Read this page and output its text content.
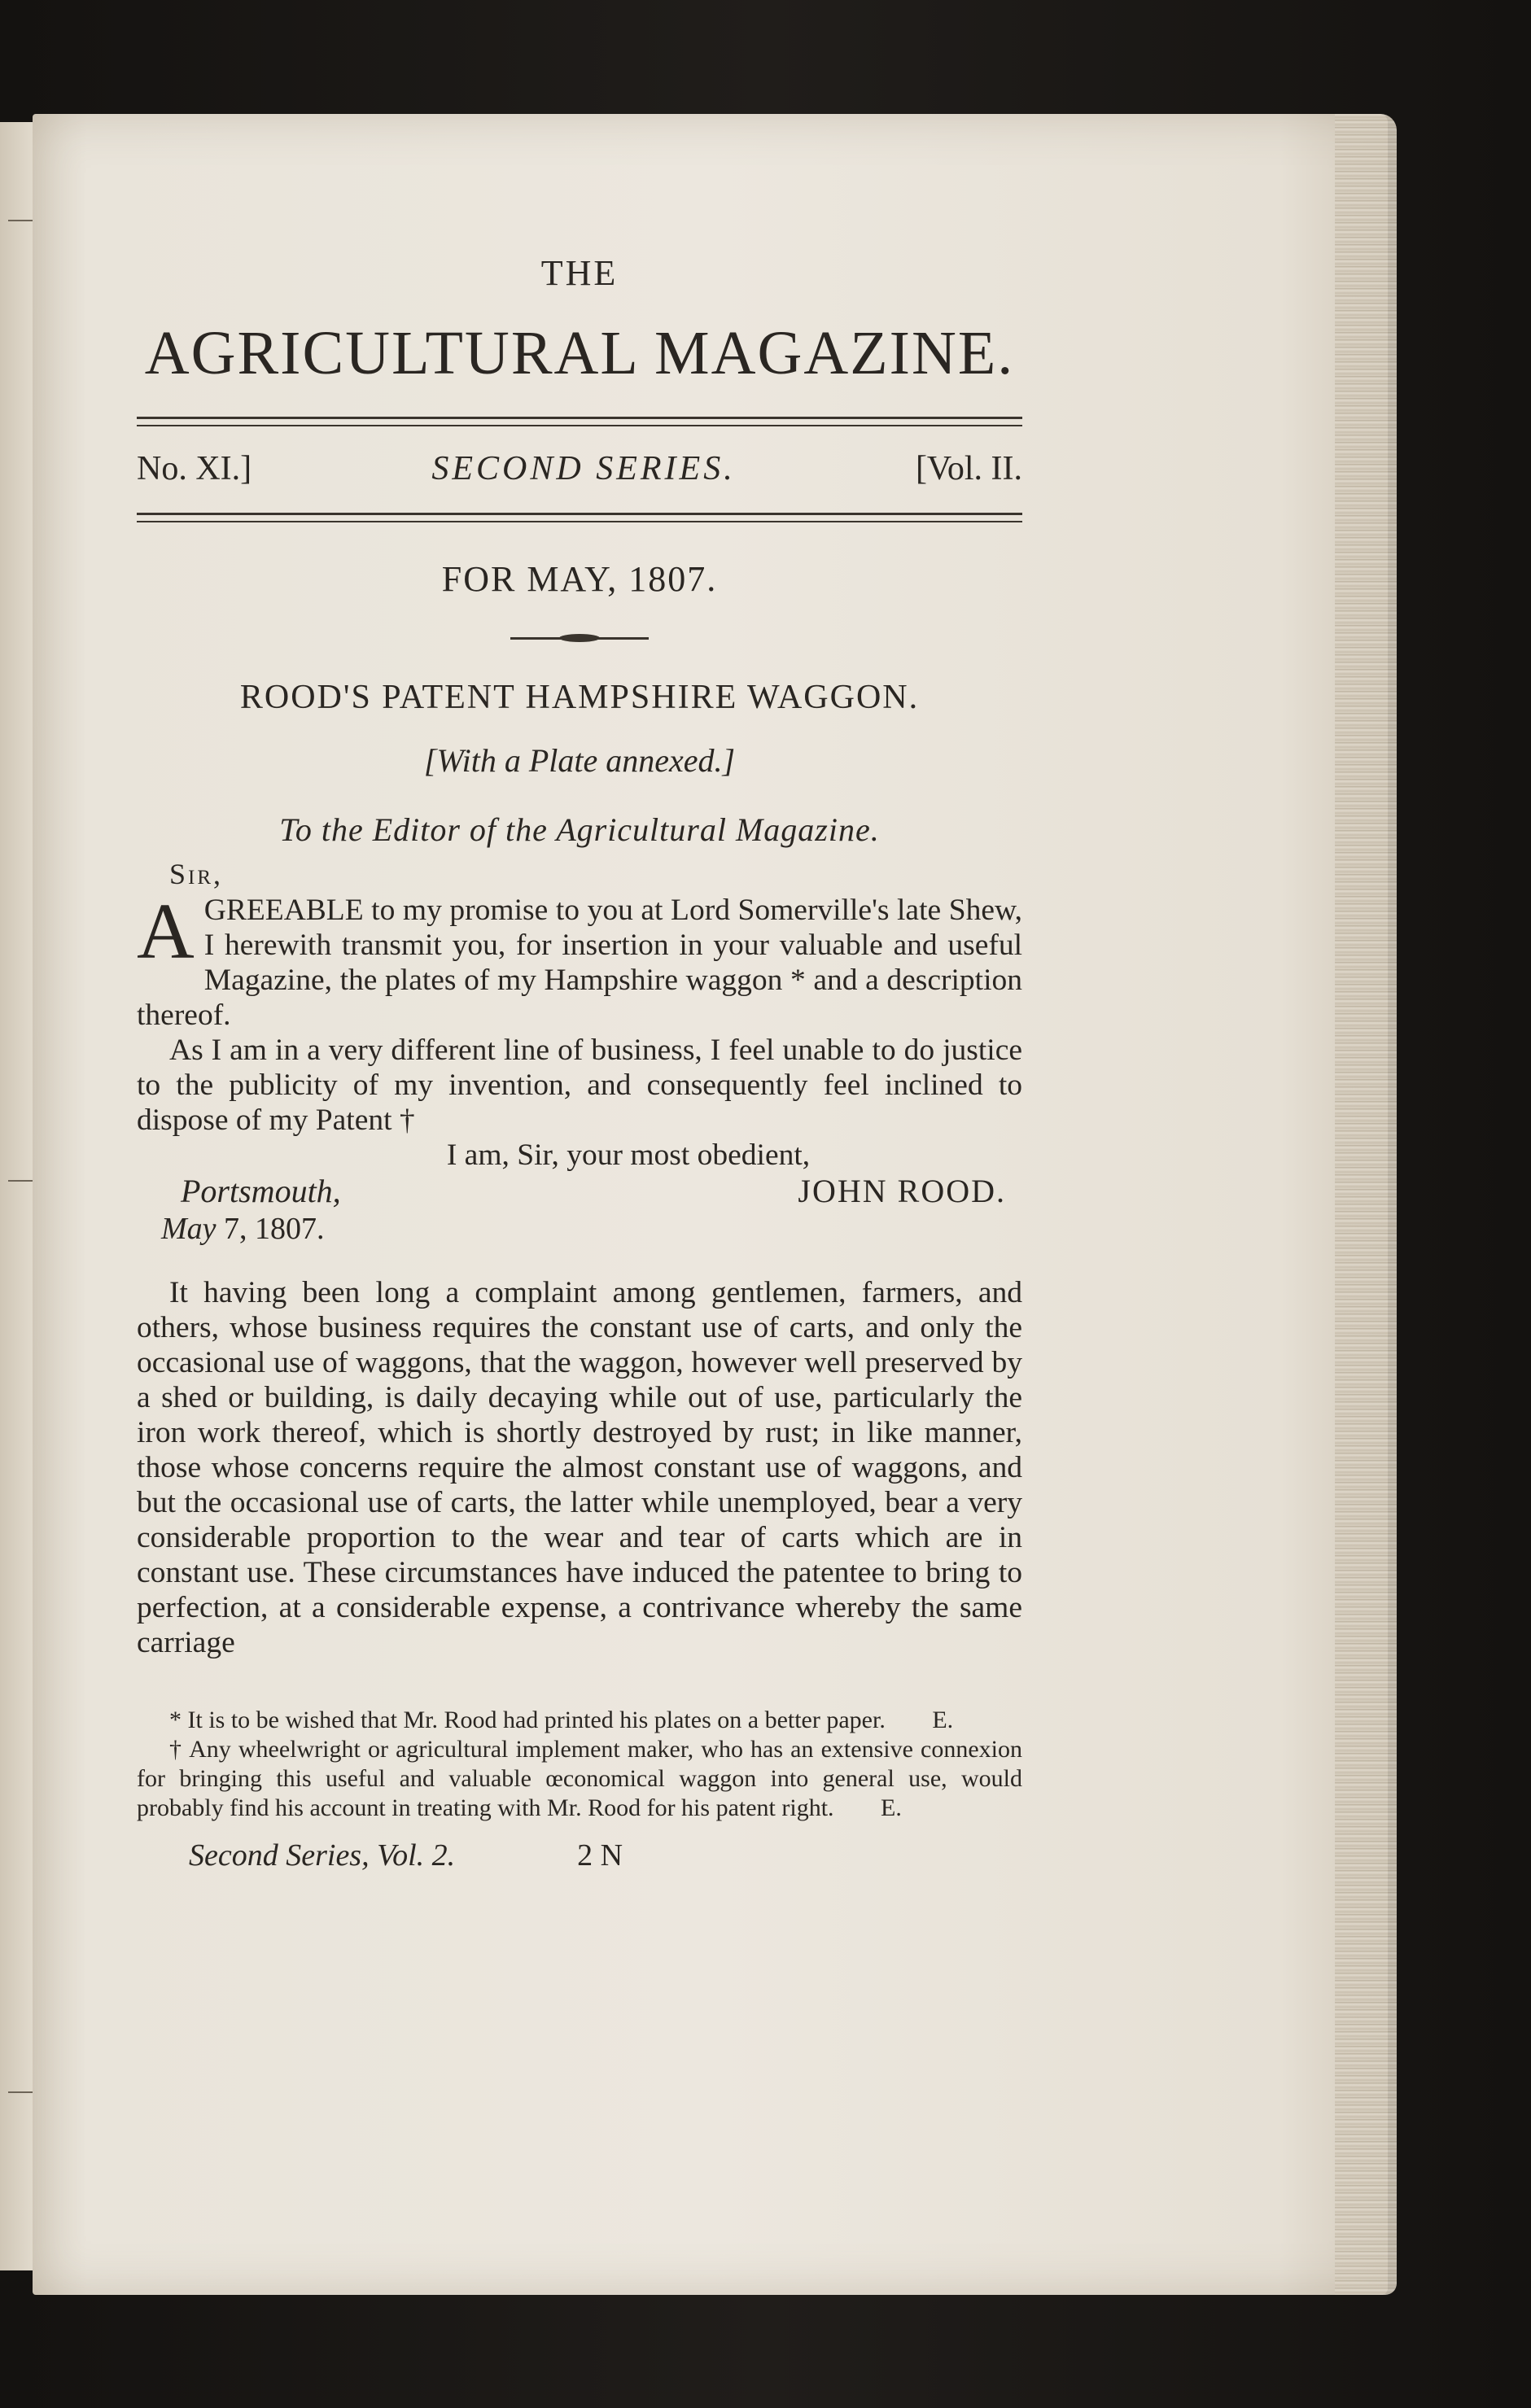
THE

AGRICULTURAL MAGAZINE.
No. XI.]	SECOND SERIES.	[Vol. II.
FOR MAY, 1807.
ROOD'S PATENT HAMPSHIRE WAGGON.
[With a Plate annexed.]
To the Editor of the Agricultural Magazine.
Sir,

AGREEABLE to my promise to you at Lord Somerville's late Shew, I herewith transmit you, for insertion in your valuable and useful Magazine, the plates of my Hampshire waggon * and a description thereof.

As I am in a very different line of business, I feel unable to do justice to the publicity of my invention, and consequently feel inclined to dispose of my Patent †

I am, Sir, your most obedient,

Portsmouth,	JOHN ROOD.
May 7, 1807.

It having been long a complaint among gentlemen, farmers, and others, whose business requires the constant use of carts, and only the occasional use of waggons, that the waggon, however well preserved by a shed or building, is daily decaying while out of use, particularly the iron work thereof, which is shortly destroyed by rust; in like manner, those whose concerns require the almost constant use of waggons, and but the occasional use of carts, the latter while unemployed, bear a very considerable proportion to the wear and tear of carts which are in constant use. These circumstances have induced the patentee to bring to perfection, at a considerable expense, a contrivance whereby the same carriage

* It is to be wished that Mr. Rood had printed his plates on a better paper. E.

† Any wheelwright or agricultural implement maker, who has an extensive connexion for bringing this useful and valuable œconomical waggon into general use, would probably find his account in treating with Mr. Rood for his patent right. E.

Second Series, Vol. 2.	2 N
